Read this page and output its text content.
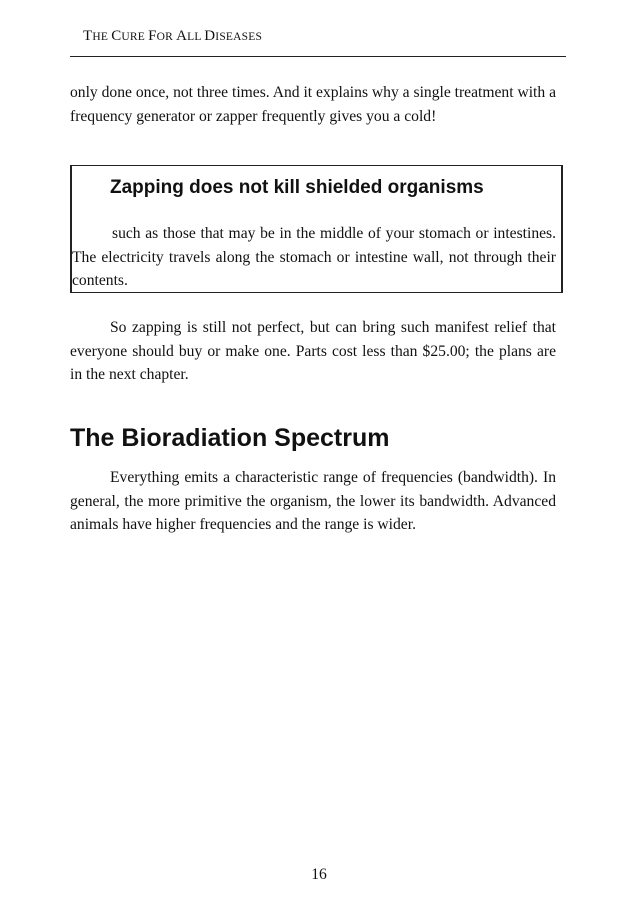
THE CURE FOR ALL DISEASES

only done once, not three times. And it explains why a single treatment with a frequency generator or zapper frequently gives you a cold!

Zapping does not kill shielded organisms

such as those that may be in the middle of your stomach or intestines. The electricity travels along the stomach or intestine wall, not through their contents.

So zapping is still not perfect, but can bring such manifest relief that everyone should buy or make one. Parts cost less than $25.00; the plans are in the next chapter.

The Bioradiation Spectrum

Everything emits a characteristic range of frequencies (bandwidth). In general, the more primitive the organism, the lower its bandwidth. Advanced animals have higher frequencies and the range is wider.

16
